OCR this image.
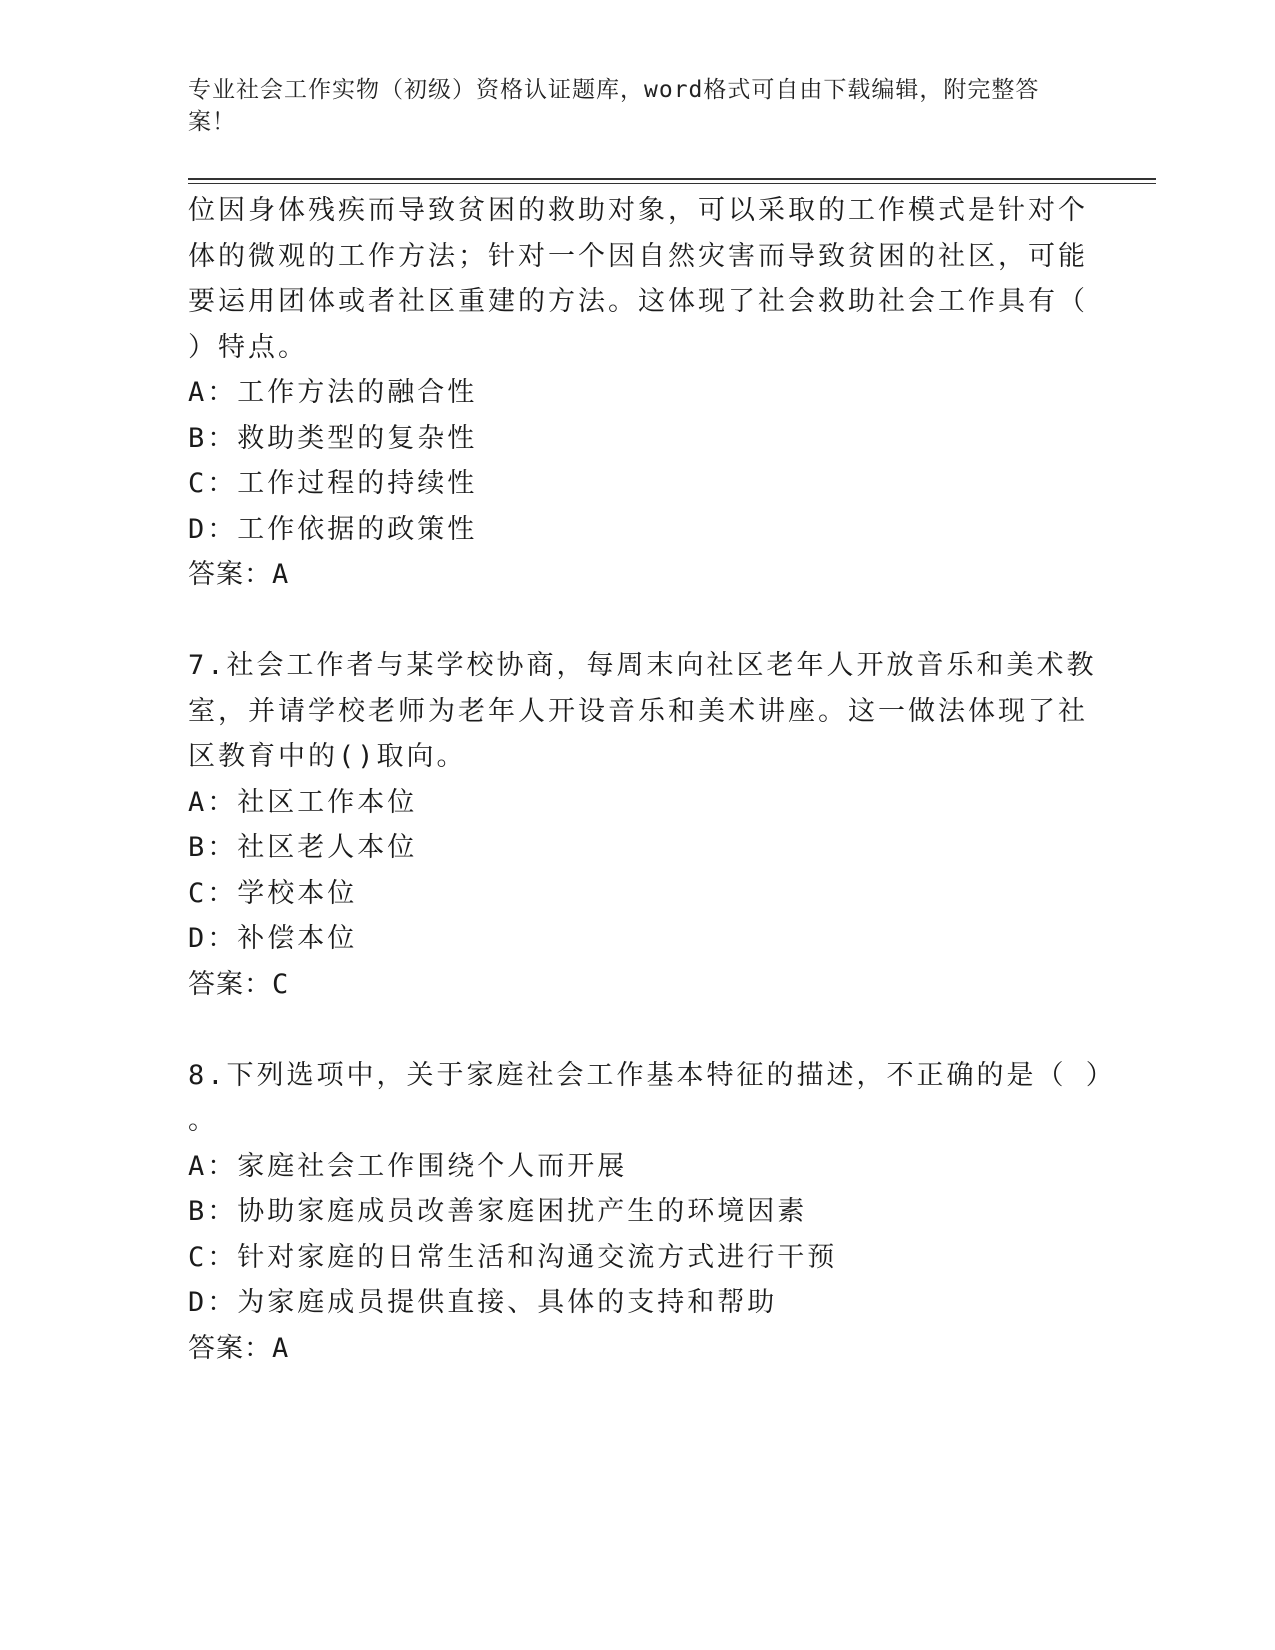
专业社会工作实物（初级）资格认证题库，word格式可自由下载编辑，附完整答
案！
位因身体残疾而导致贫困的救助对象，可以采取的工作模式是针对个
体的微观的工作方法；针对一个因自然灾害而导致贫困的社区，可能
要运用团体或者社区重建的方法。这体现了社会救助社会工作具有（
）特点。
A：工作方法的融合性
B：救助类型的复杂性
C：工作过程的持续性
D：工作依据的政策性
答案：A
7.社会工作者与某学校协商，每周末向社区老年人开放音乐和美术教
室，并请学校老师为老年人开设音乐和美术讲座。这一做法体现了社
区教育中的()取向。
A：社区工作本位
B：社区老人本位
C：学校本位
D：补偿本位
答案：C
8.下列选项中，关于家庭社会工作基本特征的描述，不正确的是（ ）
。
A：家庭社会工作围绕个人而开展
B：协助家庭成员改善家庭困扰产生的环境因素
C：针对家庭的日常生活和沟通交流方式进行干预
D：为家庭成员提供直接、具体的支持和帮助
答案：A
